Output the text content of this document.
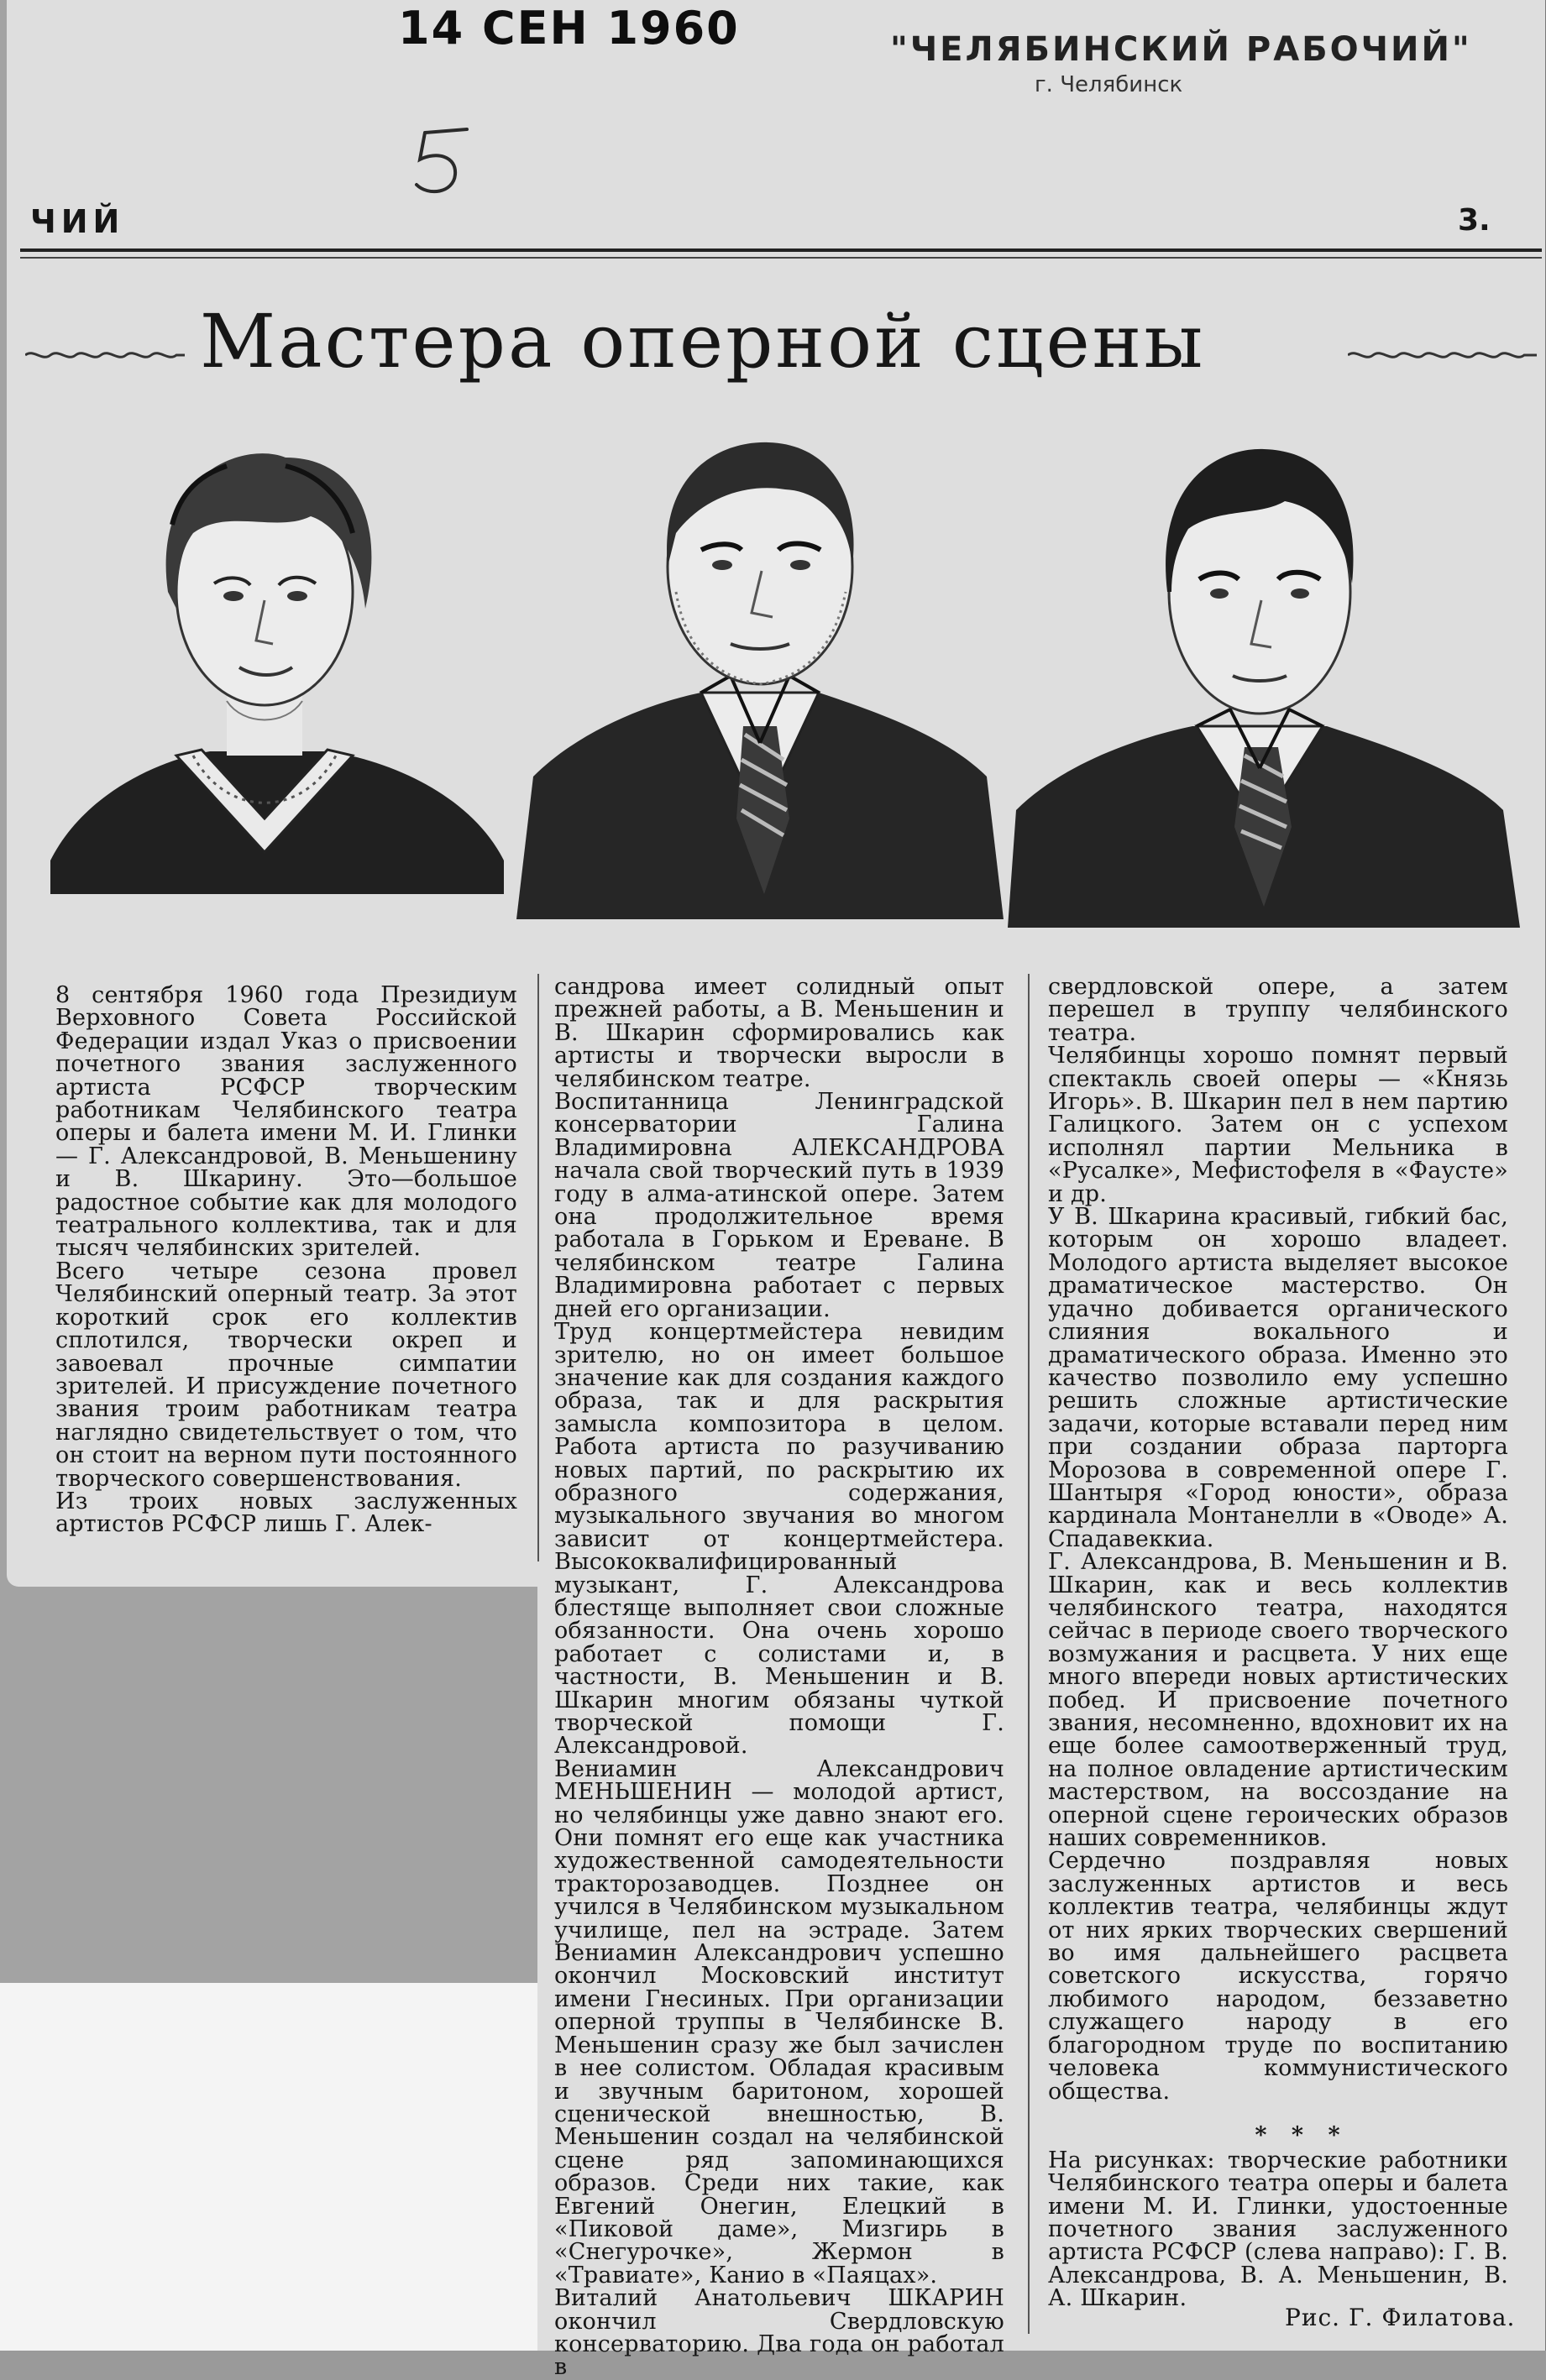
14 СЕН 1960	"ЧЕЛЯБИНСКИЙ РАБОЧИЙ"
г. Челябинск
ЧИЙ	3.
Мастера оперной сцены
8 сентября 1960 года Президиум Верховного Совета Российской Федерации издал Указ о присвоении почетного звания заслуженного артиста РСФСР творческим работникам Челябинского театра оперы и балета имени М. И. Глинки — Г. Александровой, В. Меньшенину и В. Шкарину. Это—большое радостное событие как для молодого театрального коллектива, так и для тысяч челябинских зрителей.
Всего четыре сезона провел Челябинский оперный театр. За этот короткий срок его коллектив сплотился, творчески окреп и завоевал прочные симпатии зрителей. И присуждение почетного звания троим работникам театра наглядно свидетельствует о том, что он стоит на верном пути постоянного творческого совершенствования.
Из троих новых заслуженных артистов РСФСР лишь Г. Алек-
сандрова имеет солидный опыт прежней работы, а В. Меньшенин и В. Шкарин сформировались как артисты и творчески выросли в челябинском театре.
Воспитанница Ленинградской консерватории Галина Владимировна АЛЕКСАНДРОВА начала свой творческий путь в 1939 году в алма-атинской опере. Затем она продолжительное время работала в Горьком и Ереване. В челябинском театре Галина Владимировна работает с первых дней его организации.
Труд концертмейстера невидим зрителю, но он имеет большое значение как для создания каждого образа, так и для раскрытия замысла композитора в целом. Работа артиста по разучиванию новых партий, по раскрытию их образного содержания, музыкального звучания во многом зависит от концертмейстера. Высококвалифицированный музыкант, Г. Александрова блестяще выполняет свои сложные обязанности. Она очень хорошо работает с солистами и, в частности, В. Меньшенин и В. Шкарин многим обязаны чуткой творческой помощи Г. Александровой.
Вениамин Александрович МЕНЬШЕНИН — молодой артист, но челябинцы уже давно знают его. Они помнят его еще как участника художественной самодеятельности тракторозаводцев. Позднее он учился в Челябинском музыкальном училище, пел на эстраде. Затем Вениамин Александрович успешно окончил Московский институт имени Гнесиных. При организации оперной труппы в Челябинске В. Меньшенин сразу же был зачислен в нее солистом. Обладая красивым и звучным баритоном, хорошей сценической внешностью, В. Меньшенин создал на челябинской сцене ряд запоминающихся образов. Среди них такие, как Евгений Онегин, Елецкий в «Пиковой даме», Мизгирь в «Снегурочке», Жермон в «Травиате», Канио в «Паяцах».
Виталий Анатольевич ШКАРИН окончил Свердловскую консерваторию. Два года он работал в
свердловской опере, а затем перешел в труппу челябинского театра.
Челябинцы хорошо помнят первый спектакль своей оперы — «Князь Игорь». В. Шкарин пел в нем партию Галицкого. Затем он с успехом исполнял партии Мельника в «Русалке», Мефистофеля в «Фаусте» и др.
У В. Шкарина красивый, гибкий бас, которым он хорошо владеет. Молодого артиста выделяет высокое драматическое мастерство. Он удачно добивается органического слияния вокального и драматического образа. Именно это качество позволило ему успешно решить сложные артистические задачи, которые вставали перед ним при создании образа парторга Морозова в современной опере Г. Шантыря «Город юности», образа кардинала Монтанелли в «Оводе» А. Спадавеккиа.
Г. Александрова, В. Меньшенин и В. Шкарин, как и весь коллектив челябинского театра, находятся сейчас в периоде своего творческого возмужания и расцвета. У них еще много впереди новых артистических побед. И присвоение почетного звания, несомненно, вдохновит их на еще более самоотверженный труд, на полное овладение артистическим мастерством, на воссоздание на оперной сцене героических образов наших современников.
Сердечно поздравляя новых заслуженных артистов и весь коллектив театра, челябинцы ждут от них ярких творческих свершений во имя дальнейшего расцвета советского искусства, горячо любимого народом, беззаветно служащего народу в его благородном труде по воспитанию человека коммунистического общества.

На рисунках: творческие работники Челябинского театра оперы и балета имени М. И. Глинки, удостоенные почетного звания заслуженного артиста РСФСР (слева направо): Г. В. Александрова, В. А. Меньшенин, В. А. Шкарин.
* * *
Рис. Г. Филатова.
